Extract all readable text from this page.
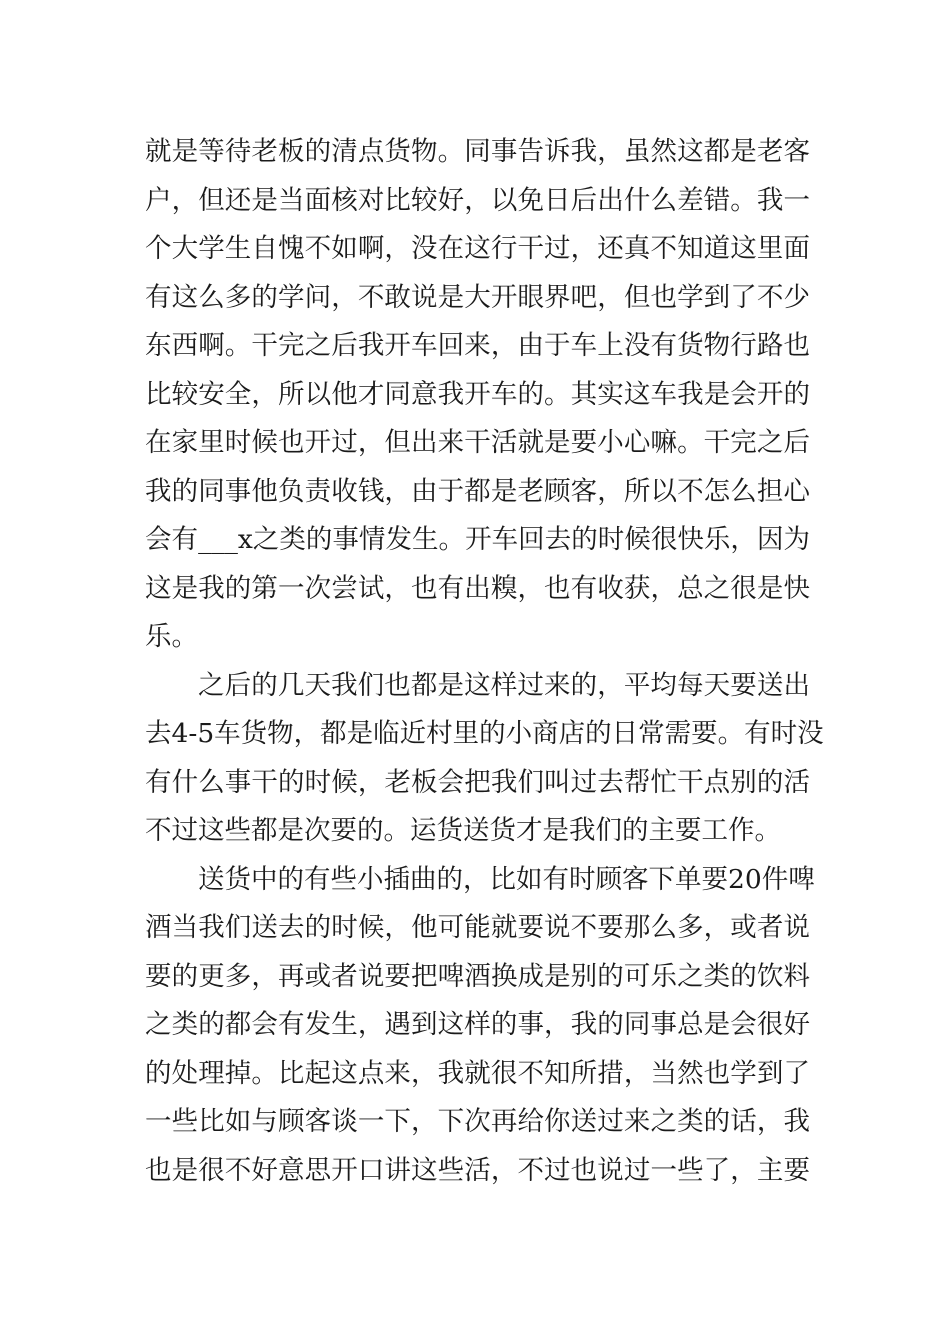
就是等待老板的清点货物。同事告诉我，虽然这都是老客
户，但还是当面核对比较好，以免日后出什么差错。我一
个大学生自愧不如啊，没在这行干过，还真不知道这里面
有这么多的学问，不敢说是大开眼界吧，但也学到了不少
东西啊。干完之后我开车回来，由于车上没有货物行路也
比较安全，所以他才同意我开车的。其实这车我是会开的
在家里时候也开过，但出来干活就是要小心嘛。干完之后
我的同事他负责收钱，由于都是老顾客，所以不怎么担心
会有___x之类的事情发生。开车回去的时候很快乐，因为
这是我的第一次尝试，也有出糗，也有收获，总之很是快
乐。
之后的几天我们也都是这样过来的，平均每天要送出
去4-5车货物，都是临近村里的小商店的日常需要。有时没
有什么事干的时候，老板会把我们叫过去帮忙干点别的活
不过这些都是次要的。运货送货才是我们的主要工作。
送货中的有些小插曲的，比如有时顾客下单要20件啤
酒当我们送去的时候，他可能就要说不要那么多，或者说
要的更多，再或者说要把啤酒换成是别的可乐之类的饮料
之类的都会有发生，遇到这样的事，我的同事总是会很好
的处理掉。比起这点来，我就很不知所措，当然也学到了
一些比如与顾客谈一下，下次再给你送过来之类的话，我
也是很不好意思开口讲这些活，不过也说过一些了，主要
